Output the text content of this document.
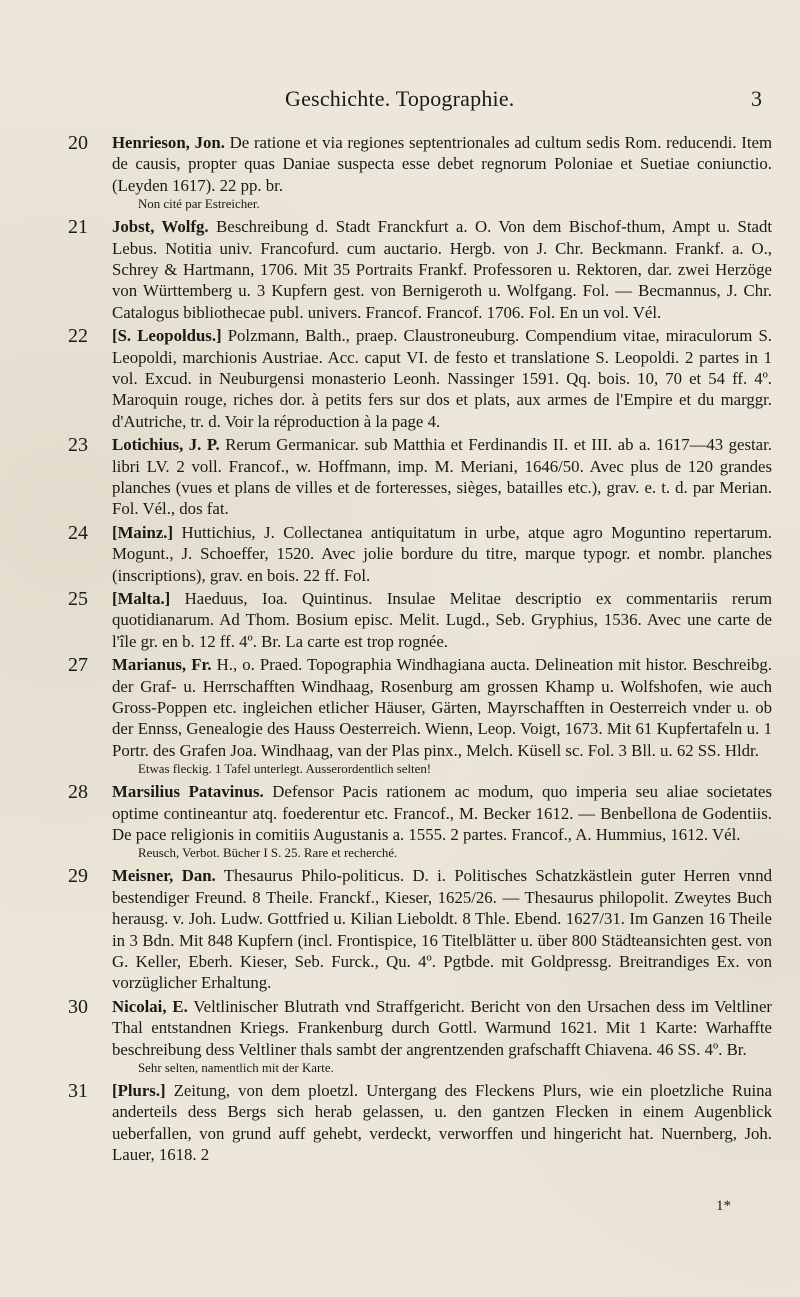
Geschichte. Topographie.	3
20	Henrieson, Jon. De ratione et via regiones septentrionales ad cultum sedis Rom. reducendi. Item de causis, propter quas Daniae suspecta esse debet regnorum Poloniae et Suetiae coniunctio. (Leyden 1617). 22 pp. br.
Non cité par Estreicher.
21	Jobst, Wolfg. Beschreibung d. Stadt Franckfurt a. O. Von dem Bischof-thum, Ampt u. Stadt Lebus. Notitia univ. Francofurd. cum auctario. Hergb. von J. Chr. Beckmann. Frankf. a. O., Schrey & Hartmann, 1706. Mit 35 Portraits Frankf. Professoren u. Rektoren, dar. zwei Herzöge von Württemberg u. 3 Kupfern gest. von Bernigeroth u. Wolfgang. Fol. — Becmannus, J. Chr. Catalogus bibliothecae publ. univers. Francof. Francof. 1706. Fol. En un vol. Vél.
22	[S. Leopoldus.] Polzmann, Balth., praep. Claustroneuburg. Compendium vitae, miraculorum S. Leopoldi, marchionis Austriae. Acc. caput VI. de festo et translatione S. Leopoldi. 2 partes in 1 vol. Excud. in Neuburgensi monasterio Leonh. Nassinger 1591. Qq. bois. 10, 70 et 54 ff. 4º. Maroquin rouge, riches dor. à petits fers sur dos et plats, aux armes de l'Empire et du marggr. d'Autriche, tr. d. Voir la réproduction à la page 4.
23	Lotichius, J. P. Rerum Germanicar. sub Matthia et Ferdinandis II. et III. ab a. 1617—43 gestar. libri LV. 2 voll. Francof., w. Hoffmann, imp. M. Meriani, 1646/50. Avec plus de 120 grandes planches (vues et plans de villes et de forteresses, sièges, batailles etc.), grav. e. t. d. par Merian. Fol. Vél., dos fat.
24	[Mainz.] Huttichius, J. Collectanea antiquitatum in urbe, atque agro Moguntino repertarum. Mogunt., J. Schoeffer, 1520. Avec jolie bordure du titre, marque typogr. et nombr. planches (inscriptions), grav. en bois. 22 ff. Fol.
25	[Malta.] Haeduus, Ioa. Quintinus. Insulae Melitae descriptio ex commentariis rerum quotidianarum. Ad Thom. Bosium episc. Melit. Lugd., Seb. Gryphius, 1536. Avec une carte de l'île gr. en b. 12 ff. 4º. Br. La carte est trop rognée.
27	Marianus, Fr. H., o. Praed. Topographia Windhagiana aucta. Delineation mit histor. Beschreibg. der Graf- u. Herrschafften Windhaag, Rosenburg am grossen Khamp u. Wolfshofen, wie auch Gross-Poppen etc. ingleichen etlicher Häuser, Gärten, Mayrschafften in Oesterreich vnder u. ob der Ennss, Genealogie des Hauss Oesterreich. Wienn, Leop. Voigt, 1673. Mit 61 Kupfertafeln u. 1 Portr. des Grafen Joa. Windhaag, van der Plas pinx., Melch. Küsell sc. Fol. 3 Bll. u. 62 SS. Hldr.
Etwas fleckig. 1 Tafel unterlegt. Ausserordentlich selten!
28	Marsilius Patavinus. Defensor Pacis rationem ac modum, quo imperia seu aliae societates optime contineantur atq. foederentur etc. Francof., M. Becker 1612. — Benbellona de Godentiis. De pace religionis in comitiis Augustanis a. 1555. 2 partes. Francof., A. Hummius, 1612. Vél.
Reusch, Verbot. Bücher I S. 25. Rare et recherché.
29	Meisner, Dan. Thesaurus Philo-politicus. D. i. Politisches Schatzkästlein guter Herren vnnd bestendiger Freund. 8 Theile. Franckf., Kieser, 1625/26. — Thesaurus philopolit. Zweytes Buch herausg. v. Joh. Ludw. Gottfried u. Kilian Lieboldt. 8 Thle. Ebend. 1627/31. Im Ganzen 16 Theile in 3 Bdn. Mit 848 Kupfern (incl. Frontispice, 16 Titelblätter u. über 800 Städteansichten gest. von G. Keller, Eberh. Kieser, Seb. Furck., Qu. 4º. Pgtbde. mit Goldpressg. Breitrandiges Ex. von vorzüglicher Erhaltung.
30	Nicolai, E. Veltlinischer Blutrath vnd Straffgericht. Bericht von den Ursachen dess im Veltliner Thal entstandnen Kriegs. Frankenburg durch Gottl. Warmund 1621. Mit 1 Karte: Warhaffte beschreibung dess Veltliner thals sambt der angrentzenden grafschafft Chiavena. 46 SS. 4º. Br.
Sehr selten, namentlich mit der Karte.
31	[Plurs.] Zeitung, von dem ploetzl. Untergang des Fleckens Plurs, wie ein ploetzliche Ruina anderteils dess Bergs sich herab gelassen, u. den gantzen Flecken in einem Augenblick ueberfallen, von grund auff gehebt, verdeckt, verworffen und hingericht hat. Nuernberg, Joh. Lauer, 1618. 2
1*
